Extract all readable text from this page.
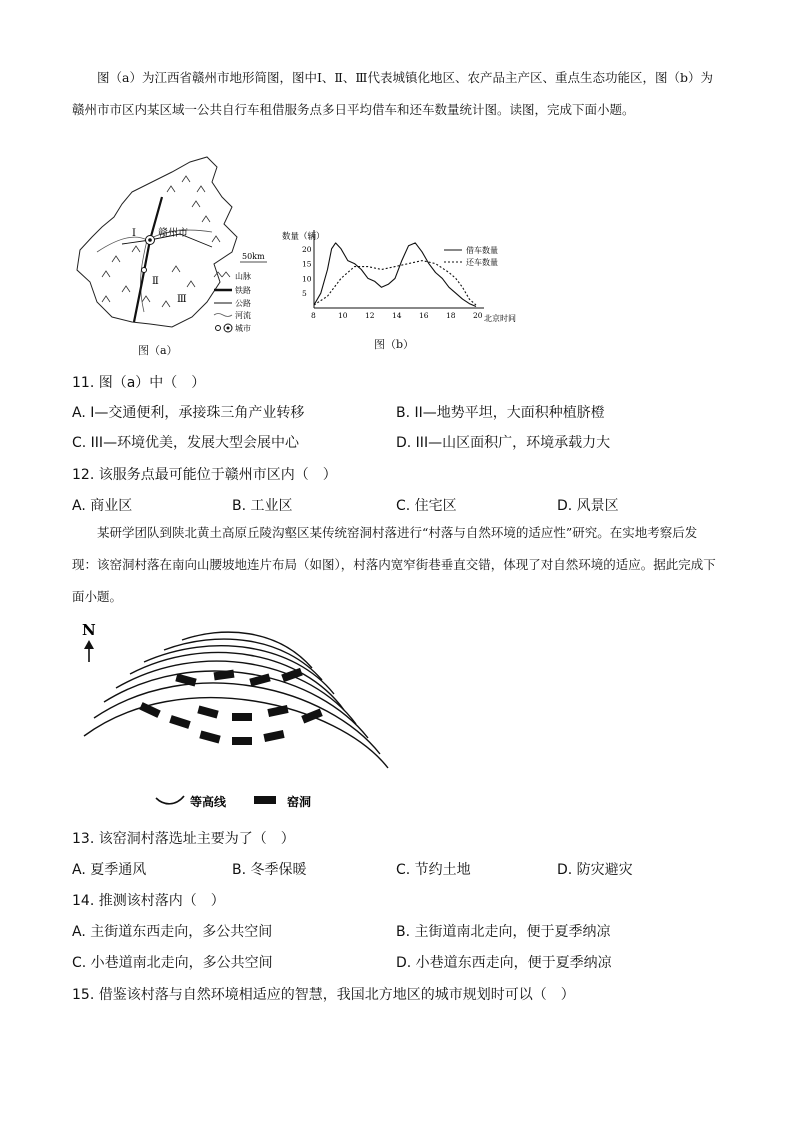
图（a）为江西省赣州市地形简图，图中Ⅰ、Ⅱ、Ⅲ代表城镇化地区、农产品主产区、重点生态功能区，图（b）为赣州市市区内某区域一公共自行车租借服务点多日平均借车和还车数量统计图。读图，完成下面小题。

赣州市
Ⅰ
Ⅱ
Ⅲ
50km
山脉
铁路
公路
河流
城市
图（a）
8	10 12 14 16 18 20
5
10
15
20
数量（辆）
北京时间
借车数量
还车数量
图（b）
11. 图（a）中（　）
A. I—交通便利，承接珠三角产业转移	B. II—地势平坦，大面积种植脐橙
C. III—环境优美，发展大型会展中心	D. III—山区面积广，环境承载力大
12. 该服务点最可能位于赣州市区内（　）
A. 商业区	B. 工业区	C. 住宅区	D. 风景区

某研学团队到陕北黄土高原丘陵沟壑区某传统窑洞村落进行“村落与自然环境的适应性”研究。在实地考察后发现：该窑洞村落在南向山腰坡地连片布局（如图），村落内宽窄街巷垂直交错，体现了对自然环境的适应。据此完成下面小题。

N
等高线	窑洞
13. 该窑洞村落选址主要为了（　）
A. 夏季通风	B. 冬季保暖	C. 节约土地	D. 防灾避灾
14. 推测该村落内（　）
A. 主街道东西走向，多公共空间	B. 主街道南北走向，便于夏季纳凉
C. 小巷道南北走向，多公共空间	D. 小巷道东西走向，便于夏季纳凉
15. 借鉴该村落与自然环境相适应的智慧，我国北方地区的城市规划时可以（　）
